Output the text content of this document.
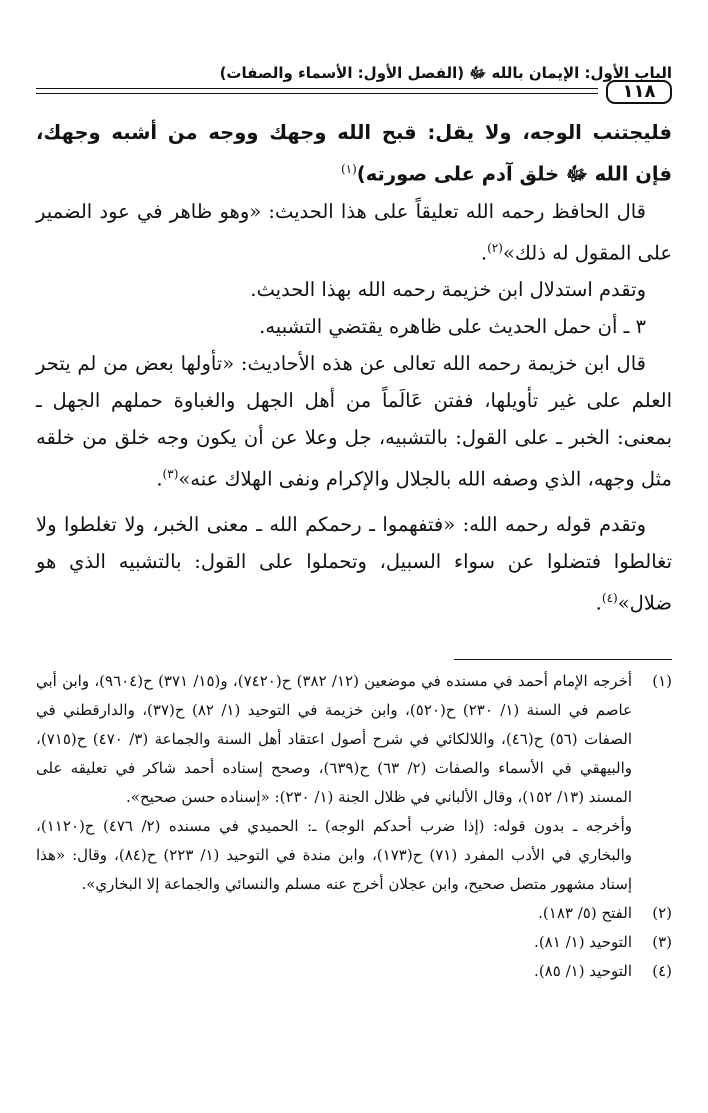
الباب الأول: الإيمان بالله ﷻ (الفصل الأول: الأسماء والصفات)
١١٨

فليجتنب الوجه، ولا يقل: قبح الله وجهك ووجه من أشبه وجهك، فإن الله ﷻ خلق آدم على صورته)$^{(١)}$

قال الحافظ رحمه الله تعليقاً على هذا الحديث: «وهو ظاهر في عود الضمير على المقول له ذلك»$^{(٢)}$.

وتقدم استدلال ابن خزيمة رحمه الله بهذا الحديث.

٣ ـ أن حمل الحديث على ظاهره يقتضي التشبيه.

قال ابن خزيمة رحمه الله تعالى عن هذه الأحاديث: «تأولها بعض من لم يتحر العلم على غير تأويلها، ففتن عَالَماً من أهل الجهل والغباوة حملهم الجهل ـ بمعنى: الخبر ـ على القول: بالتشبيه، جل وعلا عن أن يكون وجه خلق من خلقه مثل وجهه، الذي وصفه الله بالجلال والإكرام ونفى الهلاك عنه»$^{(٣)}$.

وتقدم قوله رحمه الله: «فتفهموا ـ رحمكم الله ـ معنى الخبر، ولا تغلطوا ولا تغالطوا فتضلوا عن سواء السبيل، وتحملوا على القول: بالتشبيه الذي هو ضلال»$^{(٤)}$.

(١)
أخرجه الإمام أحمد في مسنده في موضعين (١٢/ ٣٨٢) ح(٧٤٢٠)، و(١٥/ ٣٧١) ح(٩٦٠٤)، وابن أبي عاصم في السنة (١/ ٢٣٠) ح(٥٢٠)، وابن خزيمة في التوحيد (١/ ٨٢) ح(٣٧)، والدارقطني في الصفات (٥٦) ح(٤٦)، واللالكائي في شرح أصول اعتقاد أهل السنة والجماعة (٣/ ٤٧٠) ح(٧١٥)، والبيهقي في الأسماء والصفات (٢/ ٦٣) ح(٦٣٩)، وصحح إسناده أحمد شاكر في تعليقه على المسند (١٣/ ١٥٢)، وقال الألباني في ظلال الجنة (١/ ٢٣٠): «إسناده حسن صحيح».
وأخرجه ـ بدون قوله: (إذا ضرب أحدكم الوجه) ـ: الحميدي في مسنده (٢/ ٤٧٦) ح(١١٢٠)، والبخاري في الأدب المفرد (٧١) ح(١٧٣)، وابن مندة في التوحيد (١/ ٢٢٣) ح(٨٤)، وقال: «هذا إسناد مشهور متصل صحيح، وابن عجلان أخرج عنه مسلم والنسائي والجماعة إلا البخاري».
(٢)
الفتح (٥/ ١٨٣).
(٣)
التوحيد (١/ ٨١).
(٤)
التوحيد (١/ ٨٥).
